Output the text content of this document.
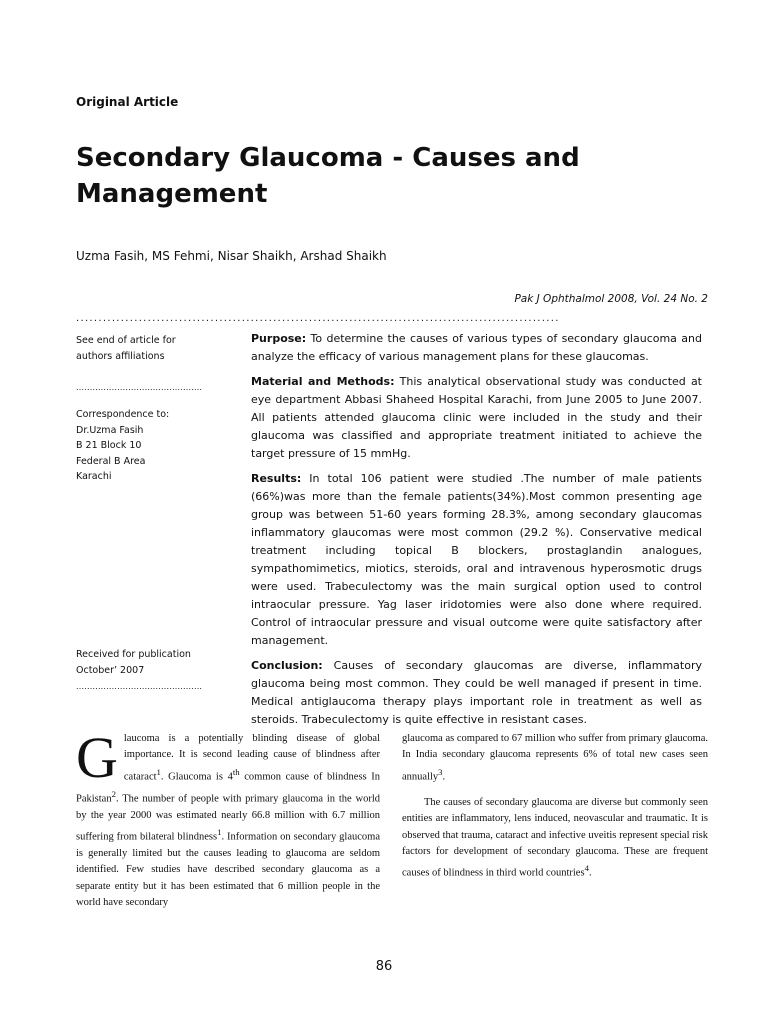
Original Article
Secondary Glaucoma - Causes and Management
Uzma Fasih, MS Fehmi, Nisar Shaikh, Arshad Shaikh
Pak J Ophthalmol 2008, Vol. 24 No. 2
............................................................................................................
See end of article for
authors affiliations
..............................................
Correspondence to:
Dr.Uzma Fasih
B 21 Block 10
Federal B Area
Karachi
Received for publication
October’ 2007
..............................................

Purpose: To determine the causes of various types of secondary glaucoma and analyze the efficacy of various management plans for these glaucomas.

Material and Methods: This analytical observational study was conducted at eye department Abbasi Shaheed Hospital Karachi, from June 2005 to June 2007. All patients attended glaucoma clinic were included in the study and their glaucoma was classified and appropriate treatment initiated to achieve the target pressure of 15 mmHg.

Results: In total 106 patient were studied .The number of male patients (66%)was more than the female patients(34%).Most common presenting age group was between 51-60 years forming 28.3%, among secondary glaucomas inflammatory glaucomas were most common (29.2 %). Conservative medical treatment including topical B blockers, prostaglandin analogues, sympathomimetics, miotics, steroids, oral and intravenous hyperosmotic drugs were used. Trabeculectomy was the main surgical option used to control intraocular pressure. Yag laser iridotomies were also done where required. Control of intraocular pressure and visual outcome were quite satisfactory after management.

Conclusion: Causes of secondary glaucomas are diverse, inflammatory glaucoma being most common. They could be well managed if present in time. Medical antiglaucoma therapy plays important role in treatment as well as steroids. Trabeculectomy is quite effective in resistant cases.

Glaucoma is a potentially blinding disease of global importance. It is second leading cause of blindness after cataract$^1$. Glaucoma is 4th common cause of blindness In Pakistan$^2$. The number of people with primary glaucoma in the world by the year 2000 was estimated nearly 66.8 million with 6.7 million suffering from bilateral blindness$^1$. Information on secondary glaucoma is generally limited but the causes leading to glaucoma are seldom identified. Few studies have described secondary glaucoma as a separate entity but it has been estimated that 6 million people in the world have secondary

glaucoma as compared to 67 million who suffer from primary glaucoma. In India secondary glaucoma represents 6% of total new cases seen annually$^3$.

The causes of secondary glaucoma are diverse but commonly seen entities are inflammatory, lens induced, neovascular and traumatic. It is observed that trauma, cataract and infective uveitis represent special risk factors for development of secondary glaucoma. These are frequent causes of blindness in third world countries$^4$.

86
